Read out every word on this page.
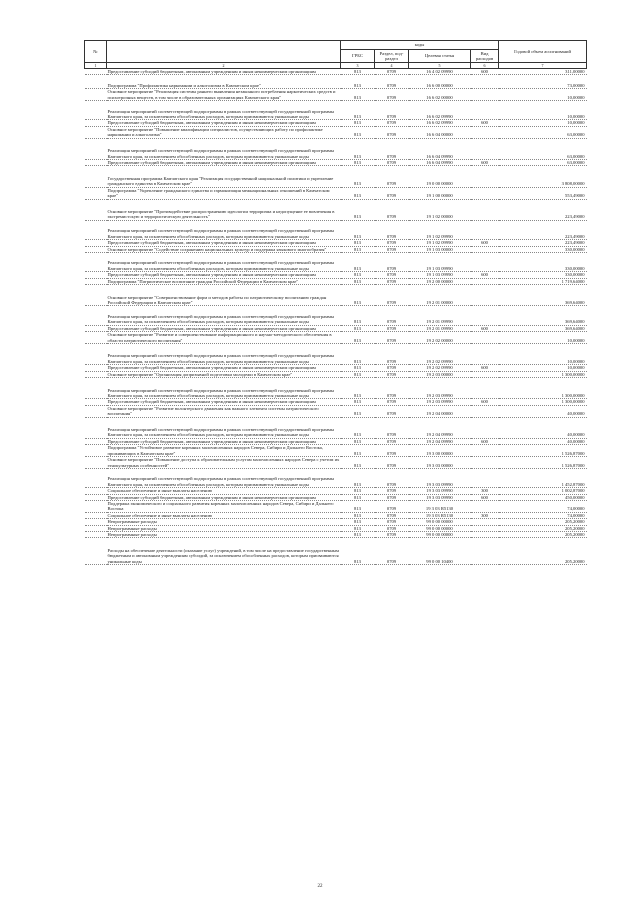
№		коды				Годовой объем ассигнований
		ГРБС	Раздел, под-раздел	Целевая статья	Вид расходов	
1	2	3	4	5	6	7
	Предоставление субсидий бюджетным, автономным учреждениям и иным некоммерческим организациям	813	0709	16 4 02 09990	600	311,00000

	Подпрограмма "Профилактика наркомании и алкоголизма в Камчатском крае"	813	0709	16 6 00 00000		73,00000
	Основное мероприятие "Реализация системы раннего выявления незаконного потребления наркотических средств и психотропных веществ, в том числе в образовательных организациях Камчатского края"	813	0709	16 6 02 00000		10,00000

	Реализация мероприятий соответствующей подпрограммы в рамках соответствующей государственной программы Камчатского края, за исключением обособленных расходов, которым присваиваются уникальные коды	813	0709	16 6 02 09990		10,00000
	Предоставление субсидий бюджетным, автономным учреждениям и иным некоммерческим организациям	813	0709	16 6 02 09990	600	10,00000
	Основное мероприятие "Повышение квалификации специалистов, осуществляющих работу по профилактике наркомании и алкоголизма"	813	0709	16 6 04 00000		63,00000

	Реализация мероприятий соответствующей подпрограммы в рамках соответствующей государственной программы Камчатского края, за исключением обособленных расходов, которым присваиваются уникальные коды	813	0709	16 6 04 09990		63,00000
	Предоставление субсидий бюджетным, автономным учреждениям и иным некоммерческим организациям	813	0709	16 6 04 09990	600	63,00000

	Государственная программа Камчатского края "Реализация государственной национальной политики и укрепление гражданского единства в Камчатском крае"	813	0709	19 0 00 00000		3 808,00000
	Подпрограмма "Укрепление гражданского единства и гармонизация межнациональных отношений в Камчатском крае"	813	0709	19 1 00 00000		553,49000

	Основное мероприятие "Противодействие распространению идеологии терроризма и недопущение ее вовлечения в экстремистскую и террористическую деятельность"	813	0709	19 1 02 00000		223,49000

	Реализация мероприятий соответствующей подпрограммы в рамках соответствующей государственной программы Камчатского края, за исключением обособленных расходов, которым присваиваются уникальные коды	813	0709	19 1 02 09990		223,49000
	Предоставление субсидий бюджетным, автономным учреждениям и иным некоммерческим организациям	813	0709	19 1 02 09990	600	223,49000
	Основное мероприятие "Содействие сохранению национальных культур и поддержка языкового многообразия"	813	0709	19 1 03 00000		330,00000

	Реализация мероприятий соответствующей подпрограммы в рамках соответствующей государственной программы Камчатского края, за исключением обособленных расходов, которым присваиваются уникальные коды	813	0709	19 1 03 09990		330,00000
	Предоставление субсидий бюджетным, автономным учреждениям и иным некоммерческим организациям	813	0709	19 1 03 09990	600	330,00000
	Подпрограмма "Патриотическое воспитание граждан Российской Федерации в Камчатском крае"	813	0709	19 2 00 00000		1 719,64000

	Основное мероприятие "Совершенствование форм и методов работы по патриотическому воспитанию граждан Российской Федерации в Камчатском крае"	813	0709	19 2 01 00000		369,64000

	Реализация мероприятий соответствующей подпрограммы в рамках соответствующей государственной программы Камчатского края, за исключением обособленных расходов, которым присваиваются уникальные коды	813	0709	19 2 01 09990		369,64000
	Предоставление субсидий бюджетным, автономным учреждениям и иным некоммерческим организациям	813	0709	19 2 01 09990	600	369,64000
	Основное мероприятие "Развитие и совершенствование информационного и научно-методического обеспечения в области патриотического воспитания"	813	0709	19 2 02 00000		10,00000

	Реализация мероприятий соответствующей подпрограммы в рамках соответствующей государственной программы Камчатского края, за исключением обособленных расходов, которым присваиваются уникальные коды	813	0709	19 2 02 09990		10,00000
	Предоставление субсидий бюджетным, автономным учреждениям и иным некоммерческим организациям	813	0709	19 2 02 09990	600	10,00000
	Основное мероприятие "Организация допризывной подготовки молодежи в Камчатском крае"	813	0709	19 2 03 00000		1 300,00000

	Реализация мероприятий соответствующей подпрограммы в рамках соответствующей государственной программы Камчатского края, за исключением обособленных расходов, которым присваиваются уникальные коды	813	0709	19 2 03 09990		1 300,00000
	Предоставление субсидий бюджетным, автономным учреждениям и иным некоммерческим организациям	813	0709	19 2 03 09990	600	1 300,00000
	Основное мероприятие "Развитие волонтерского движения как важного элемента системы патриотического воспитания"	813	0709	19 2 04 00000		40,00000

	Реализация мероприятий соответствующей подпрограммы в рамках соответствующей государственной программы Камчатского края, за исключением обособленных расходов, которым присваиваются уникальные коды	813	0709	19 2 04 09990		40,00000
	Предоставление субсидий бюджетным, автономным учреждениям и иным некоммерческим организациям	813	0709	19 2 04 09990	600	40,00000
	Подпрограмма "Устойчивое развитие коренных малочисленных народов Севера, Сибири и Дальнего Востока, проживающих в Камчатском крае"	813	0709	19 3 00 00000		1 526,87000
	Основное мероприятие "Повышение доступа к образовательным услугам малочисленных народов Севера с учетом их этнокультурных особенностей"	813	0709	19 3 03 00000		1 526,87000

	Реализация мероприятий соответствующей подпрограммы в рамках соответствующей государственной программы Камчатского края, за исключением обособленных расходов, которым присваиваются уникальные коды	813	0709	19 3 03 09990		1 452,87000
	Социальное обеспечение и иные выплаты населению	813	0709	19 3 03 09990	300	1 002,87000
	Предоставление субсидий бюджетным, автономным учреждениям и иным некоммерческим организациям	813	0709	19 3 03 09990	600	450,00000
	Поддержка экономического и социального развития коренных малочисленных народов Севера, Сибири и Дальнего Востока	813	0709	19 3 03 R5130		74,00000
	Социальное обеспечение и иные выплаты населению	813	0709	19 3 03 R5130	300	74,00000
	Непрограммные расходы	813	0709	99 0 00 00000		205,20000
	Непрограммные расходы	813	0709	99 0 00 00000		205,20000
	Непрограммные расходы	813	0709	99 0 00 00000		205,20000

	Расходы на обеспечение деятельности (оказание услуг) учреждений, в том числе на предоставление государственным бюджетным и автономным учреждениям субсидий, за исключением обособленных расходов, которым присваиваются уникальные коды	813	0709	99 0 00 10400		205,20000
22
